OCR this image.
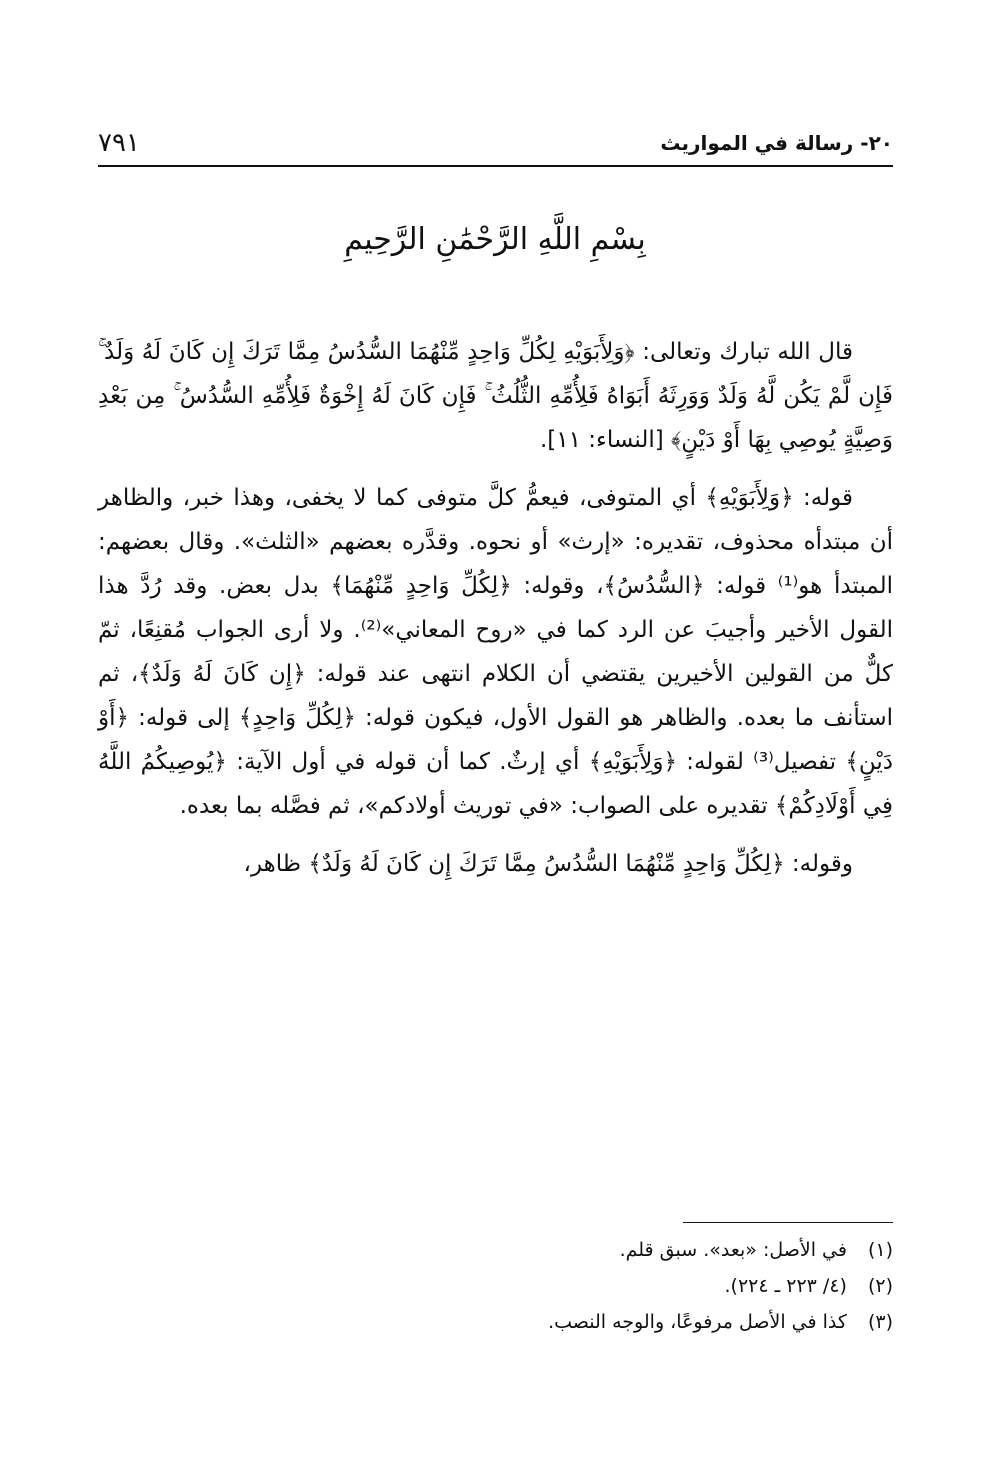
٢٠- رسالة في المواريث
٧٩١
بِسْمِ اللَّهِ الرَّحْمَٰنِ الرَّحِيمِ

قال الله تبارك وتعالى: ﴿وَلِأَبَوَيْهِ لِكُلِّ وَاحِدٍ مِّنْهُمَا السُّدُسُ مِمَّا تَرَكَ إِن كَانَ لَهُ وَلَدٌ ۚ فَإِن لَّمْ يَكُن لَّهُ وَلَدٌ وَوَرِثَهُ أَبَوَاهُ فَلِأُمِّهِ الثُّلُثُ ۚ فَإِن كَانَ لَهُ إِخْوَةٌ فَلِأُمِّهِ السُّدُسُ ۚ مِن بَعْدِ وَصِيَّةٍ يُوصِي بِهَا أَوْ دَيْنٍ﴾ [النساء: ١١].

قوله: ﴿وَلِأَبَوَيْهِ﴾ أي المتوفى، فيعمُّ كلَّ متوفى كما لا يخفى، وهذا خبر، والظاهر أن مبتدأه محذوف، تقديره: «إرث» أو نحوه. وقدَّره بعضهم «الثلث». وقال بعضهم: المبتدأ هو⁽¹⁾ قوله: ﴿السُّدُسُ﴾، وقوله: ﴿لِكُلِّ وَاحِدٍ مِّنْهُمَا﴾ بدل بعض. وقد رُدَّ هذا القول الأخير وأجيبَ عن الرد كما في «روح المعاني»⁽²⁾. ولا أرى الجواب مُقنِعًا، ثمّ كلٌّ من القولين الأخيرين يقتضي أن الكلام انتهى عند قوله: ﴿إِن كَانَ لَهُ وَلَدٌ﴾، ثم استأنف ما بعده. والظاهر هو القول الأول، فيكون قوله: ﴿لِكُلِّ وَاحِدٍ﴾ إلى قوله: ﴿أَوْ دَيْنٍ﴾ تفصيل⁽³⁾ لقوله: ﴿وَلِأَبَوَيْهِ﴾ أي إرثٌ. كما أن قوله في أول الآية: ﴿يُوصِيكُمُ اللَّهُ فِي أَوْلَادِكُمْ﴾ تقديره على الصواب: «في توريث أولادكم»، ثم فصَّله بما بعده.

وقوله: ﴿لِكُلِّ وَاحِدٍ مِّنْهُمَا السُّدُسُ مِمَّا تَرَكَ إِن كَانَ لَهُ وَلَدٌ﴾ ظاهر،

(١) في الأصل: «بعد». سبق قلم.

(٢) (٤/ ٢٢٣ ـ ٢٢٤).

(٣) كذا في الأصل مرفوعًا، والوجه النصب.
